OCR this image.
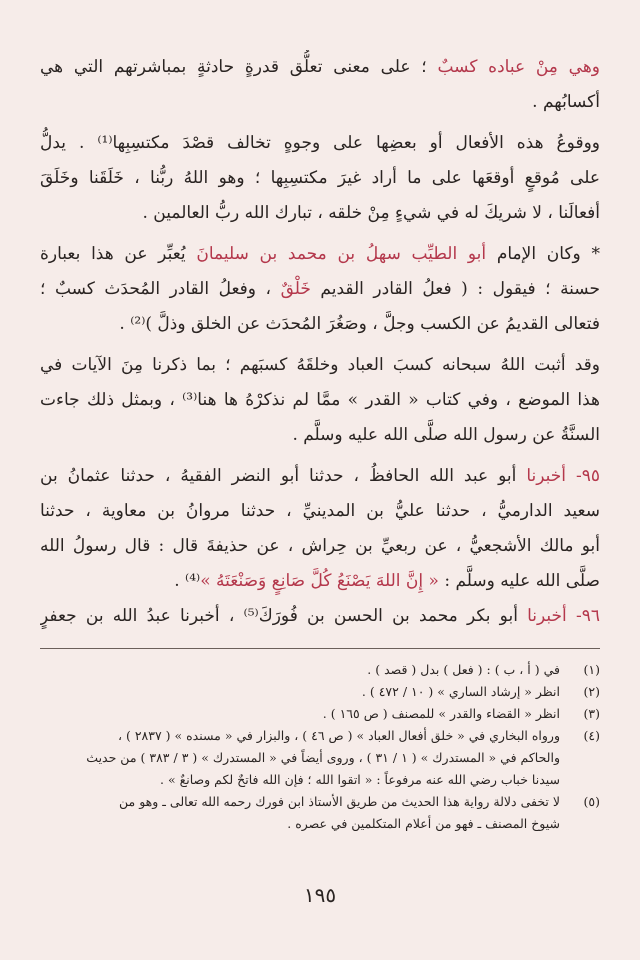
وهي مِنْ عباده كسبٌ ؛ على معنى تعلُّق قدرةٍ حادثةٍ بمباشرتهم التي هي
أكسابُهم .
ووقوعُ هذه الأفعال أو بعضِها على وجوهٍ تخالف قصْدَ مكتسِبِها⁽¹⁾ . يدلُّ
على مُوقعٍ أوقعَها على ما أراد غيرَ مكتسِبِها ؛ وهو اللهُ ربُّنا ، خَلَقَنا وخَلَقَ
أفعالَنا ، لا شريكَ له في شيءٍ مِنْ خلقه ، تبارك الله ربُّ العالمين .
* وكان الإمام أبو الطيِّب سهلُ بن محمد بن سليمانَ يُعبِّر عن هذا بعبارة
حسنة ؛ فيقول : ( فعلُ القادر القديم خَلْقٌ ، وفعلُ القادر المُحدَث كسبٌ ؛
فتعالى القديمُ عن الكسب وجلَّ ، وصَغُرَ المُحدَث عن الخلق وذلَّ )⁽²⁾ .
وقد أثبت اللهُ سبحانه كسبَ العباد وخلقَهُ كسبَهم ؛ بما ذكرنا مِنَ الآيات في
هذا الموضع ، وفي كتاب « القدر » ممَّا لم نذكرْهُ ها هنا⁽³⁾ ، وبمثل ذلك جاءت
السنَّةُ عن رسول الله صلَّى الله عليه وسلَّم .
٩٥- أخبرنا أبو عبد الله الحافظُ ، حدثنا أبو النضر الفقيهُ ، حدثنا عثمانُ بن
سعيد الدارميُّ ، حدثنا عليُّ بن المدينيِّ ، حدثنا مروانُ بن معاوية ، حدثنا
أبو مالك الأشجعيُّ ، عن ربعيِّ بن حِراش ، عن حذيفةَ قال : قال رسولُ الله
صلَّى الله عليه وسلَّم : « إِنَّ اللهَ يَصْنَعُ كُلَّ صَانِعٍ وَصَنْعَتَهُ »⁽⁴⁾ .
٩٦- أخبرنا أبو بكر محمد بن الحسن بن فُورَكَ⁽⁵⁾ ، أخبرنا عبدُ الله بن جعفرٍ
(١)
في ( أ ، ب ) : ( فعل ) بدل ( قصد ) .
(٢)
انظر « إرشاد الساري » ( ١٠ / ٤٧٢ ) .
(٣)
انظر « القضاء والقدر » للمصنف ( ص ١٦٥ ) .
(٤)
ورواه البخاري في « خلق أفعال العباد » ( ص ٤٦ ) ، والبزار في « مسنده » ( ٢٨٣٧ ) ،
والحاكم في « المستدرك » ( ١ / ٣١ ) ، وروى أيضاً في « المستدرك » ( ٣ / ٣٨٣ ) من حديث
سيدنا خباب رضي الله عنه مرفوعاً : « اتقوا الله ؛ فإن الله فاتحٌ لكم وصانعٌ » .
(٥)
لا تخفى دلالة رواية هذا الحديث من طريق الأستاذ ابن فورك رحمه الله تعالى ـ وهو من
شيوخ المصنف ـ فهو من أعلام المتكلمين في عصره .
١٩٥
